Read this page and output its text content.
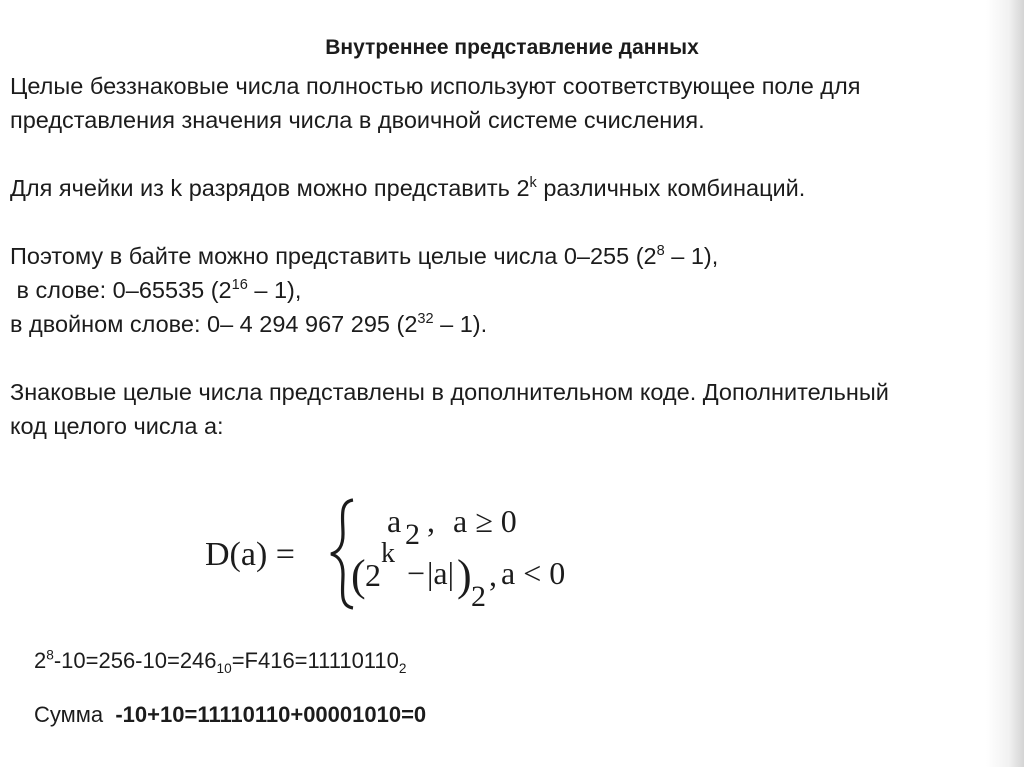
Внутреннее представление данных
Целые беззнаковые числа полностью используют соответствующее поле для
представления значения числа в двоичной системе счисления.
Для ячейки из k разрядов можно представить 2$^k$ различных комбинаций.
Поэтому в байте можно представить целые числа 0–255 $(2^8 - 1)$,
в слове: 0–65535 $(2^{16} - 1)$,
в двойном слове: 0– 4 294 967 295 $(2^{32} - 1)$.
Знаковые целые числа представлены в дополнительном коде. Дополнительный
код целого числа а:
D(a) =
a 2 , a ≥ 0
( 2
k
− |a| ) 2
, a < 0
$2^8-10=256-10=246_{10}=F416=11110110_2$
Сумма  -10+10=11110110+00001010=0
